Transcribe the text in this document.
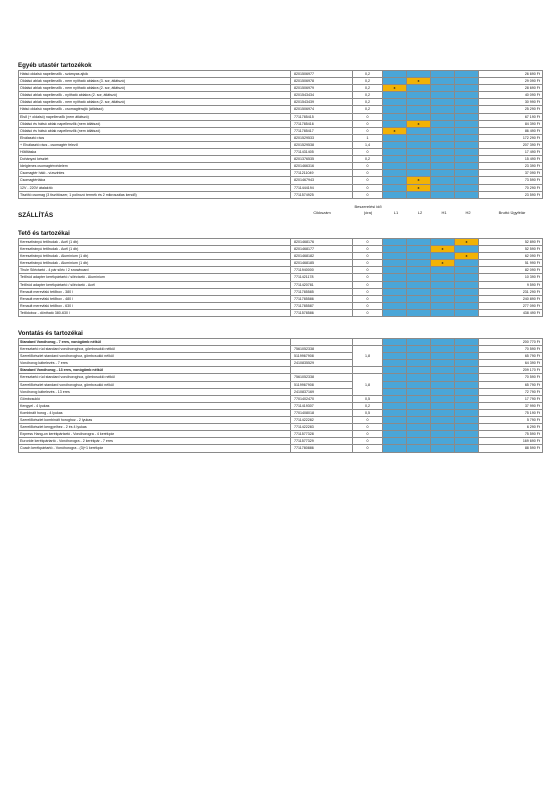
Egyéb utastér tartozékok
Hátsó oldalsó napellenzők - szárnyas ajtók	8201506977	0,2					26 690 Ft
Oldalsó ablak napellenzők - nem nyitható ablakra (3. sor, átlátszó)	8201506978	0,2		x			29 090 Ft
Oldalsó ablak napellenzők - nem nyitható ablakra (2. sor, átlátszó)	8201506979	0,2	x				28 690 Ft
Oldalsó ablak napellenzők - nyitható ablakra (2. sor, átlátszó)	8201543434	0,2					40 090 Ft
Oldalsó ablak napellenzők - nem nyitható ablakra (2. sor, átlátszó)	8201543439	0,2					30 990 Ft
Hátsó oldalsó napellenzők - csomagtérajtó (átlátszó)	8201506974	0,2					25 290 Ft
Első (+ oldalsó) napellenzők (nem átlátszó)	7711785415	0					67 190 Ft
Oldalsó és hátsó ablak napellenzők (nem átlátszó)	7711785416	0		x			84 390 Ft
Oldalsó és hátsó ablak napellenzők (nem átlátszó)	7711785417	0	x				86 490 Ft
Elválasztó rács	8201529533	1					172 290 Ft
+ Elválasztó rács - csomagtér felező	8201529538	1,4					207 390 Ft
Hűtőtáska	7711431405	0					17 490 Ft
Dohányzó készlet	8201376535	0,2					15 490 Ft
Ideiglenes csomagtérvédelem	8201466316	0					23 390 Ft
Csomagtér háló - vízszintes	7711211049	0					37 090 Ft
Csomagtértálca	8201467943	0		x			73 590 Ft
12V - 220V átalakító	7711444194	0		x			70 290 Ft
Tisztító csomag (3 tisztítószer, 1 polírozó termék és 2 mikroszálas kendő)	7711574925	0					23 590 Ft
SZÁLLÍTÁS	Cikkszám
Beszerelési idő (óra)	L1	L2	H1	H2	Bruttó Ügyfélár
Tető és tartozékai
Keresztirányú tetőrudak - Acél (1 db)	8201468176	0				x	52 890 Ft
Keresztirányú tetőrudak - Acél (1 db)	8201468177	0			x		52 590 Ft
Keresztirányú tetőrudak - Alumínium (1 db)	8201468182	0				x	62 090 Ft
Keresztirányú tetőrudak - Alumínium (1 db)	8201468185	0			x		51 990 Ft
Thule Síléctartó - 4 pár síléc / 2 snowboard	7711940000	0					82 090 Ft
Tetőrúd adapter kerékpártartó / síléctartó - Alumínium	7711421178	0					10 390 Ft
Tetőrúd adapter kerékpártartó / síléctartó - Acél	7711420781	0					9 590 Ft
Renault merevfalú tetőbox - 380 l	7711785585	0					231 290 Ft
Renault merevfalú tetőbox - 480 l	7711785586	0					240 890 Ft
Renault merevfalú tetőbox - 630 l	7711785587	0					277 090 Ft
Tetődoboz - döntható 380-630 l	7711578586	0					438 490 Ft
Vontatás és tartozékai
Standard Vonóhorog - 7 eres, vonógömb nélkül							200 770 Ft
Keresztartó rúd standard vonóhoroghoz, gömbcsukló nélkül	7561052338	1,8					70 590 Ft
Szerelőkészlet standard vonóhoroghoz, gömbcsukló nélkül	5119967908						65 790 Ft
Vonóhorog kábelezés - 7 eres	2410835529						64 390 Ft
Standard Vonóhorog - 13 eres, vonógömb nélkül							209 170 Ft
Keresztartó rúd standard vonóhoroghoz, gömbcsukló nélkül	7561052338	1,8					70 590 Ft
Szerelőkészlet standard vonóhoroghoz, gömbcsukló nélkül	5119967908						65 790 Ft
Vonóhorog kábelezés - 13 eres	2410837169						72 790 Ft
Gömbcsukló	7701402470	0,5					17 790 Ft
Kengyel - 4 lyukas	7711419307	0,2					37 990 Ft
Kombinált horog - 4 lyukas	7701408018	0,5					75 190 Ft
Szerelőkészlet kombinált horoghoz - 2 lyukas	7711422282	0					5 790 Ft
Szerelőkészlet kengyelhez - 2 és 4 lyukas	7711422283	0					6 290 Ft
Express Hang-on kerékpártartó - Vonóhorogra - 4 kerékpár	7711577328	0					75 590 Ft
Euroride kerékpártartó - Vonóhorogra - 2 kerékpár - 7 eres	7711577329	0					169 690 Ft
Coach kerékpártartó - Vonóhorogra - (3)+1 kerékpár	7711780886	0					88 590 Ft
